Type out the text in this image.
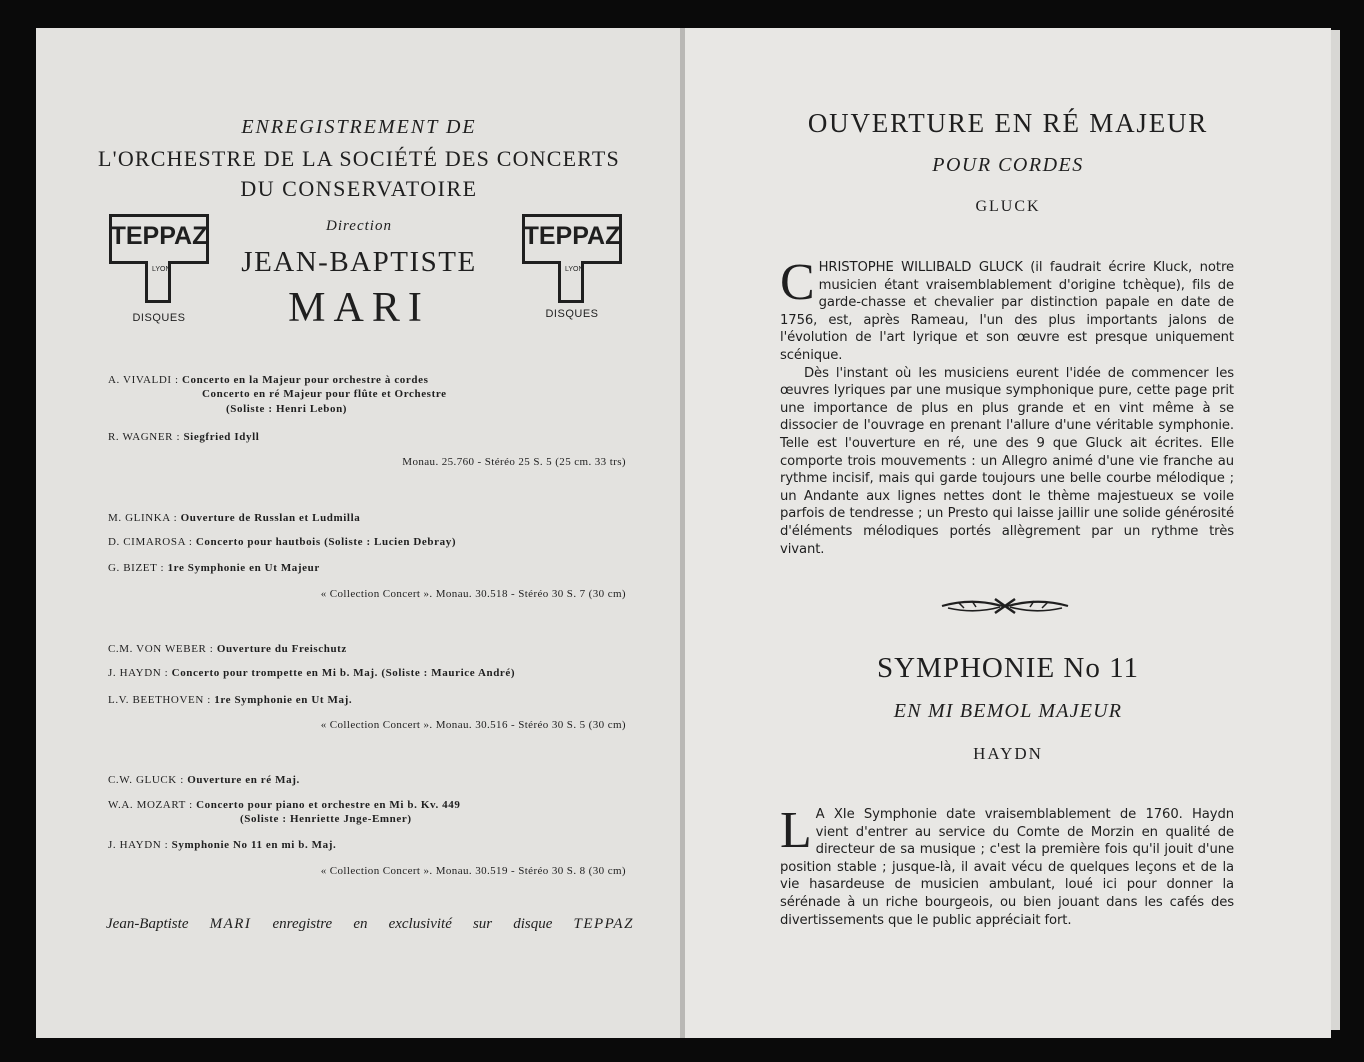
ENREGISTREMENT DE
L'ORCHESTRE DE LA SOCIÉTÉ DES CONCERTS
DU CONSERVATOIRE
Direction
JEAN-BAPTISTE
MARI
TEPPAZ
LYON
DISQUES
TEPPAZ
LYON
DISQUES
A. VIVALDI : Concerto en la Majeur pour orchestre à cordes
Concerto en ré Majeur pour flûte et Orchestre
(Soliste : Henri Lebon)
R. WAGNER : Siegfried Idyll
Monau. 25.760 - Stéréo 25 S. 5 (25 cm. 33 trs)
M. GLINKA : Ouverture de Russlan et Ludmilla
D. CIMAROSA : Concerto pour hautbois (Soliste : Lucien Debray)
G. BIZET : 1re Symphonie en Ut Majeur
« Collection Concert ». Monau. 30.518 - Stéréo 30 S. 7 (30 cm)
C.M. VON WEBER : Ouverture du Freischutz
J. HAYDN : Concerto pour trompette en Mi b. Maj. (Soliste : Maurice André)
L.V. BEETHOVEN : 1re Symphonie en Ut Maj.
« Collection Concert ». Monau. 30.516 - Stéréo 30 S. 5 (30 cm)
C.W. GLUCK : Ouverture en ré Maj.
W.A. MOZART : Concerto pour piano et orchestre en Mi b. Kv. 449
(Soliste : Henriette Jnge-Emner)
J. HAYDN : Symphonie No 11 en mi b. Maj.
« Collection Concert ». Monau. 30.519 - Stéréo 30 S. 8 (30 cm)
Jean-Baptiste MARI enregistre en exclusivité sur disque TEPPAZ
OUVERTURE EN RÉ MAJEUR
POUR CORDES
GLUCK

CHRISTOPHE WILLIBALD GLUCK (il faudrait écrire Kluck, notre musicien étant vraisemblablement d'origine tchèque), fils de garde-chasse et chevalier par distinction papale en date de 1756, est, après Rameau, l'un des plus importants jalons de l'évolution de l'art lyrique et son œuvre est presque uniquement scénique.

Dès l'instant où les musiciens eurent l'idée de commencer les œuvres lyriques par une musique symphonique pure, cette page prit une importance de plus en plus grande et en vint même à se dissocier de l'ouvrage en prenant l'allure d'une véritable symphonie. Telle est l'ouverture en ré, une des 9 que Gluck ait écrites. Elle comporte trois mouvements : un Allegro animé d'une vie franche au rythme incisif, mais qui garde toujours une belle courbe mélodique ; un Andante aux lignes nettes dont le thème majestueux se voile parfois de tendresse ; un Presto qui laisse jaillir une solide générosité d'éléments mélodiques portés allègrement par un rythme très vivant.

SYMPHONIE No 11
EN MI BEMOL MAJEUR
HAYDN

L A XIe Symphonie date vraisemblablement de 1760. Haydn vient d'entrer au service du Comte de Morzin en qualité de directeur de sa musique ; c'est la première fois qu'il jouit d'une position stable ; jusque-là, il avait vécu de quelques leçons et de la vie hasardeuse de musicien ambulant, loué ici pour donner la sérénade à un riche bourgeois, ou bien jouant dans les cafés des divertissements que le public appréciait fort.
